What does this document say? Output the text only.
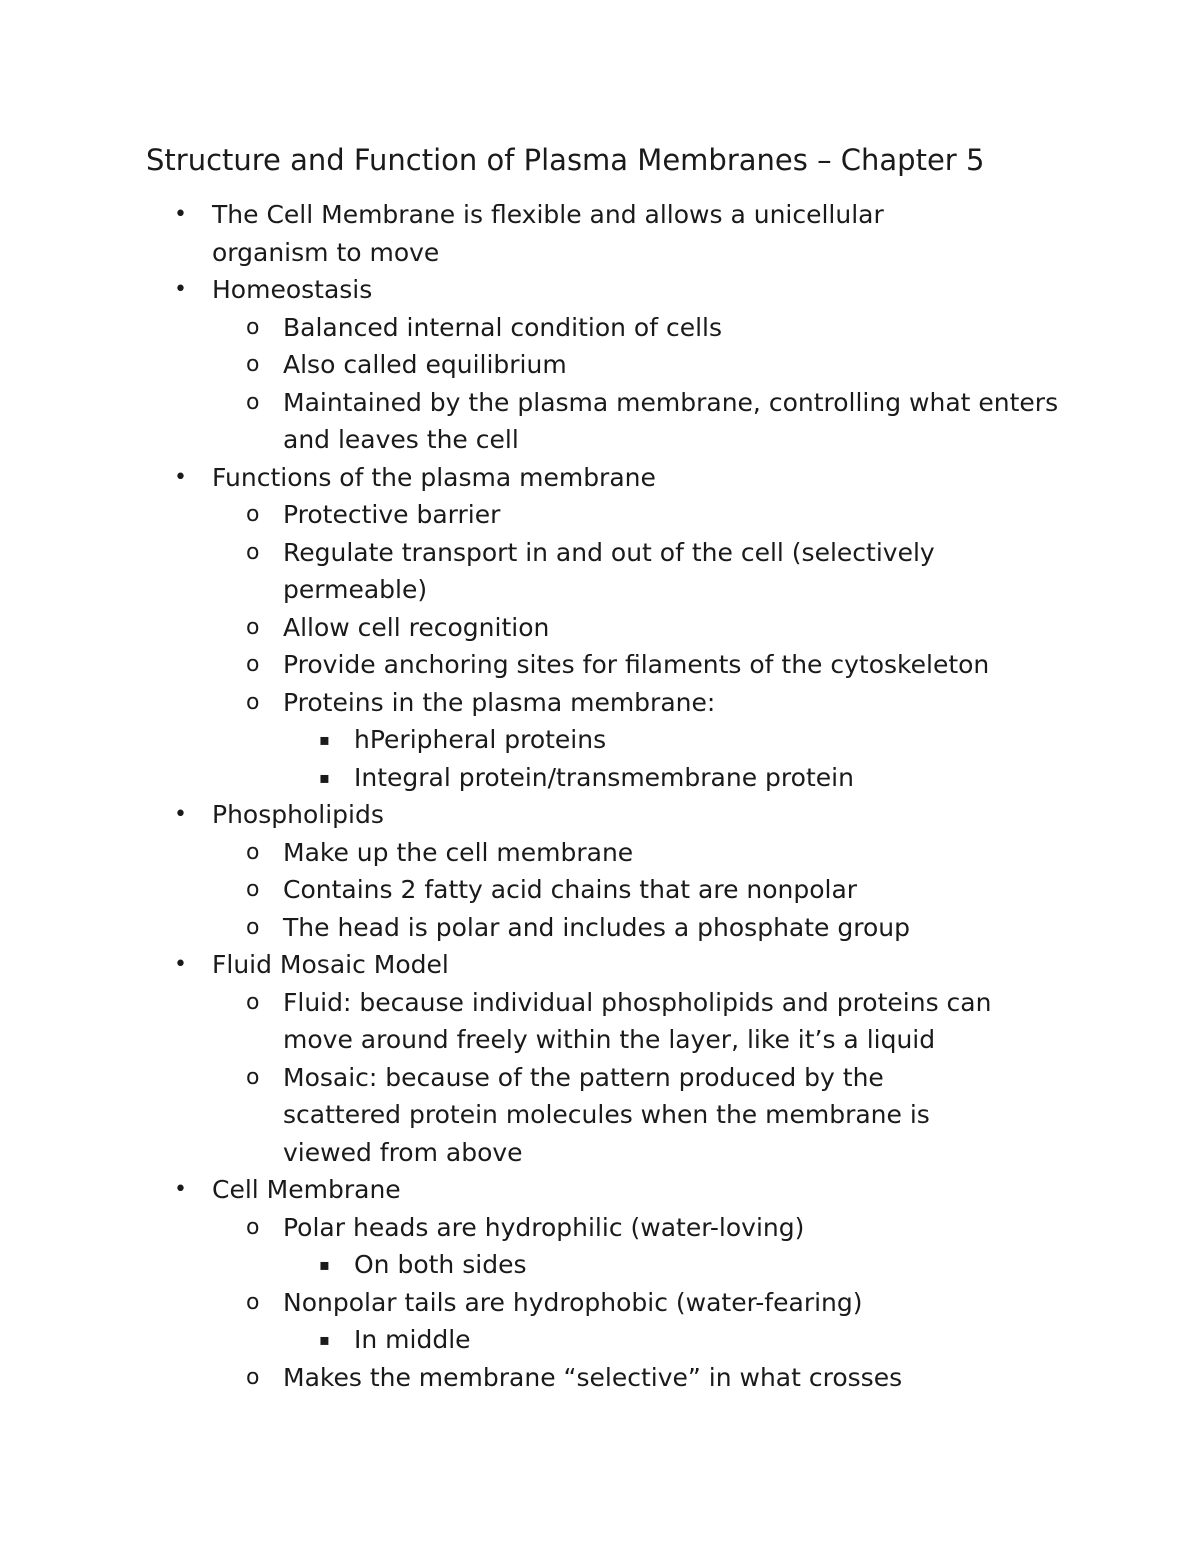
Structure and Function of Plasma Membranes – Chapter 5
• The Cell Membrane is flexible and allows a unicellular organism to move
• Homeostasis
o Balanced internal condition of cells
o Also called equilibrium
o Maintained by the plasma membrane, controlling what enters and leaves the cell
• Functions of the plasma membrane
o Protective barrier
o Regulate transport in and out of the cell (selectively permeable)
o Allow cell recognition
o Provide anchoring sites for filaments of the cytoskeleton
o Proteins in the plasma membrane:
▪ hPeripheral proteins
▪ Integral protein/transmembrane protein
• Phospholipids
o Make up the cell membrane
o Contains 2 fatty acid chains that are nonpolar
o The head is polar and includes a phosphate group
• Fluid Mosaic Model
o Fluid: because individual phospholipids and proteins can move around freely within the layer, like it’s a liquid
o Mosaic: because of the pattern produced by the scattered protein molecules when the membrane is viewed from above
• Cell Membrane
o Polar heads are hydrophilic (water-loving)
▪ On both sides
o Nonpolar tails are hydrophobic (water-fearing)
▪ In middle
o Makes the membrane “selective” in what crosses
